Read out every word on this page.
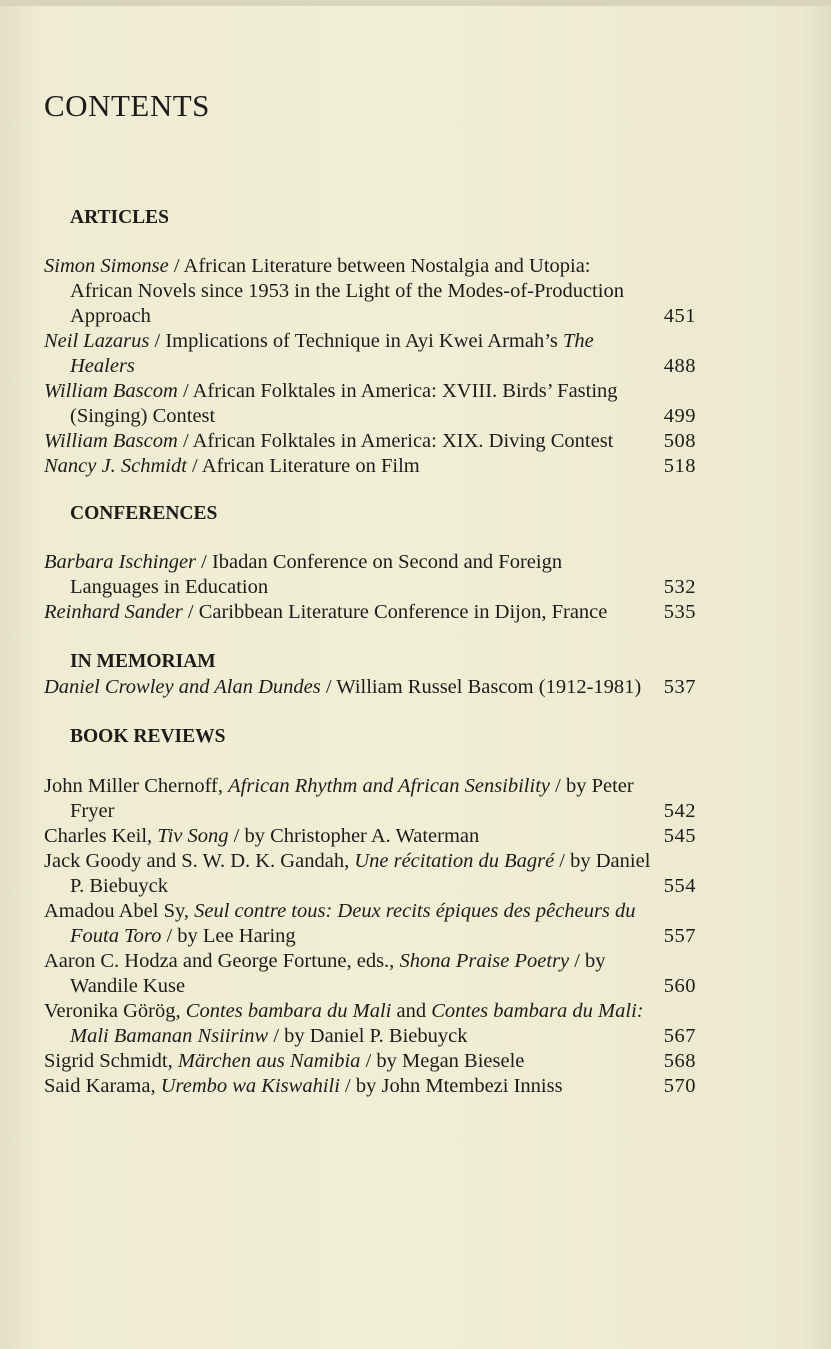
CONTENTS
ARTICLES
Simon Simonse / African Literature between Nostalgia and Utopia: African Novels since 1953 in the Light of the Modes-of-Production Approach	451
Neil Lazarus / Implications of Technique in Ayi Kwei Armah’s The Healers	488
William Bascom / African Folktales in America: XVIII. Birds’ Fasting (Singing) Contest	499
William Bascom / African Folktales in America: XIX. Diving Contest	508
Nancy J. Schmidt / African Literature on Film	518
CONFERENCES
Barbara Ischinger / Ibadan Conference on Second and Foreign Languages in Education	532
Reinhard Sander / Caribbean Literature Conference in Dijon, France	535
IN MEMORIAM
Daniel Crowley and Alan Dundes / William Russel Bascom (1912-1981)	537
BOOK REVIEWS
John Miller Chernoff, African Rhythm and African Sensibility / by Peter Fryer	542
Charles Keil, Tiv Song / by Christopher A. Waterman	545
Jack Goody and S. W. D. K. Gandah, Une récitation du Bagré / by Daniel P. Biebuyck	554
Amadou Abel Sy, Seul contre tous: Deux recits épiques des pêcheurs du Fouta Toro / by Lee Haring	557
Aaron C. Hodza and George Fortune, eds., Shona Praise Poetry / by Wandile Kuse	560
Veronika Görög, Contes bambara du Mali and Contes bambara du Mali: Mali Bamanan Nsiirinw / by Daniel P. Biebuyck	567
Sigrid Schmidt, Märchen aus Namibia / by Megan Biesele	568
Said Karama, Urembo wa Kiswahili / by John Mtembezi Inniss	570
